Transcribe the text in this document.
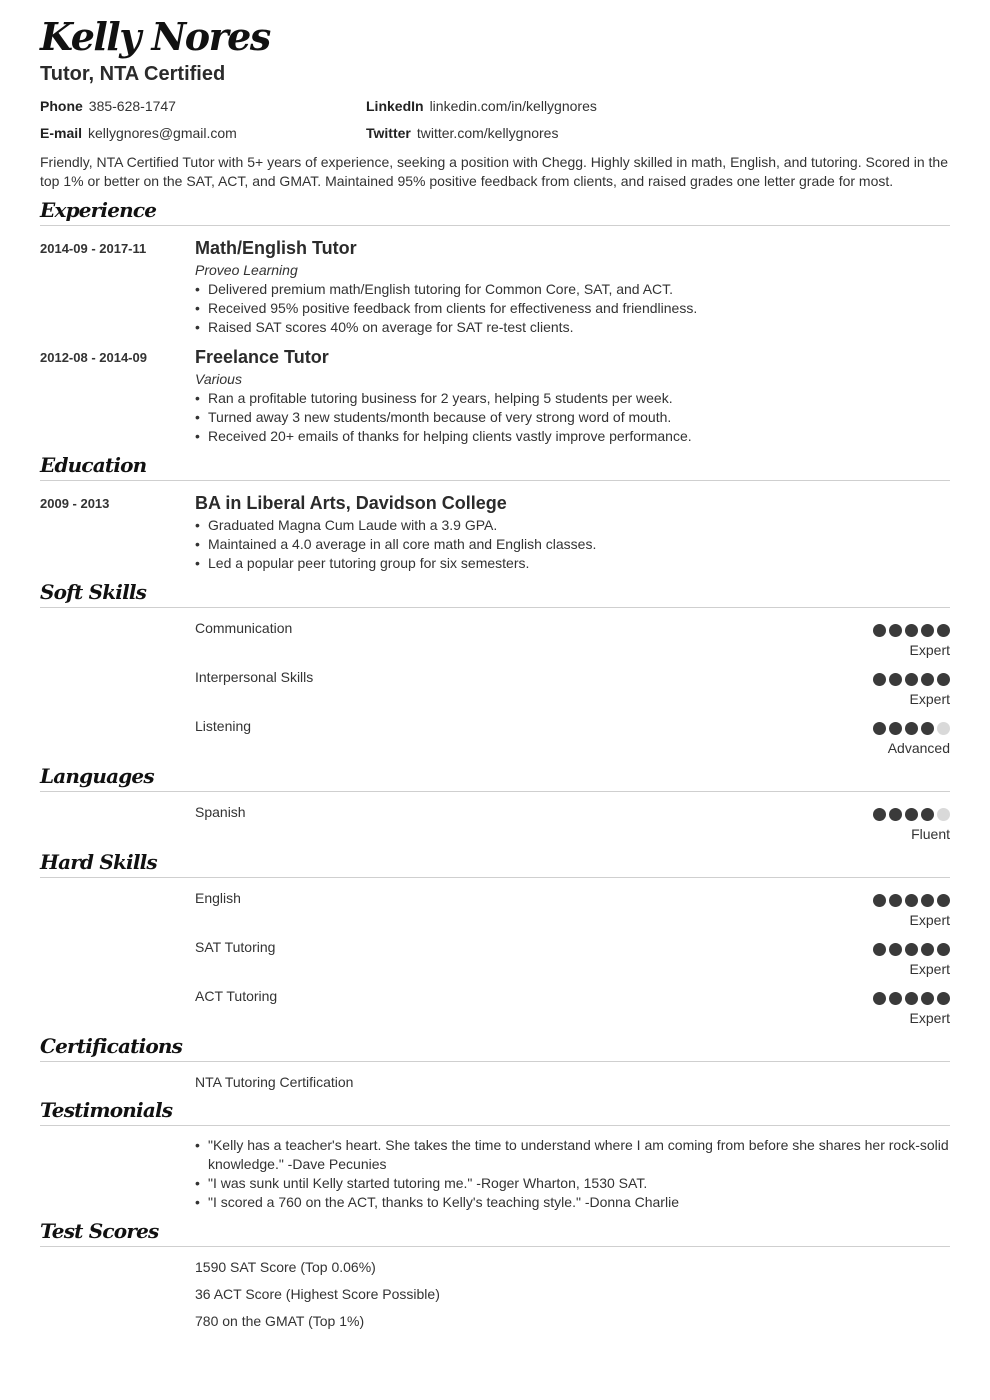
Kelly Nores
Tutor, NTA Certified
Phone 385-628-1747
E-mail kellygnores@gmail.com
LinkedIn linkedin.com/in/kellygnores
Twitter twitter.com/kellygnores
Friendly, NTA Certified Tutor with 5+ years of experience, seeking a position with Chegg. Highly skilled in math, English, and tutoring. Scored in the top 1% or better on the SAT, ACT, and GMAT. Maintained 95% positive feedback from clients, and raised grades one letter grade for most.
Experience
2014-09 - 2017-11	Math/English Tutor
Proveo Learning
• Delivered premium math/English tutoring for Common Core, SAT, and ACT.
• Received 95% positive feedback from clients for effectiveness and friendliness.
• Raised SAT scores 40% on average for SAT re-test clients.
2012-08 - 2014-09	Freelance Tutor
Various
• Ran a profitable tutoring business for 2 years, helping 5 students per week.
• Turned away 3 new students/month because of very strong word of mouth.
• Received 20+ emails of thanks for helping clients vastly improve performance.
Education
2009 - 2013	BA in Liberal Arts, Davidson College
• Graduated Magna Cum Laude with a 3.9 GPA.
• Maintained a 4.0 average in all core math and English classes.
• Led a popular peer tutoring group for six semesters.
Soft Skills
Communication
Expert
Interpersonal Skills
Expert
Listening
Advanced
Languages
Spanish
Fluent
Hard Skills
English
Expert
SAT Tutoring
Expert
ACT Tutoring
Expert
Certifications
NTA Tutoring Certification
Testimonials
• "Kelly has a teacher's heart. She takes the time to understand where I am coming from before she shares her rock-solid knowledge." -Dave Pecunies
• "I was sunk until Kelly started tutoring me." -Roger Wharton, 1530 SAT.
• "I scored a 760 on the ACT, thanks to Kelly's teaching style." -Donna Charlie
Test Scores
1590 SAT Score (Top 0.06%)
36 ACT Score (Highest Score Possible)
780 on the GMAT (Top 1%)
